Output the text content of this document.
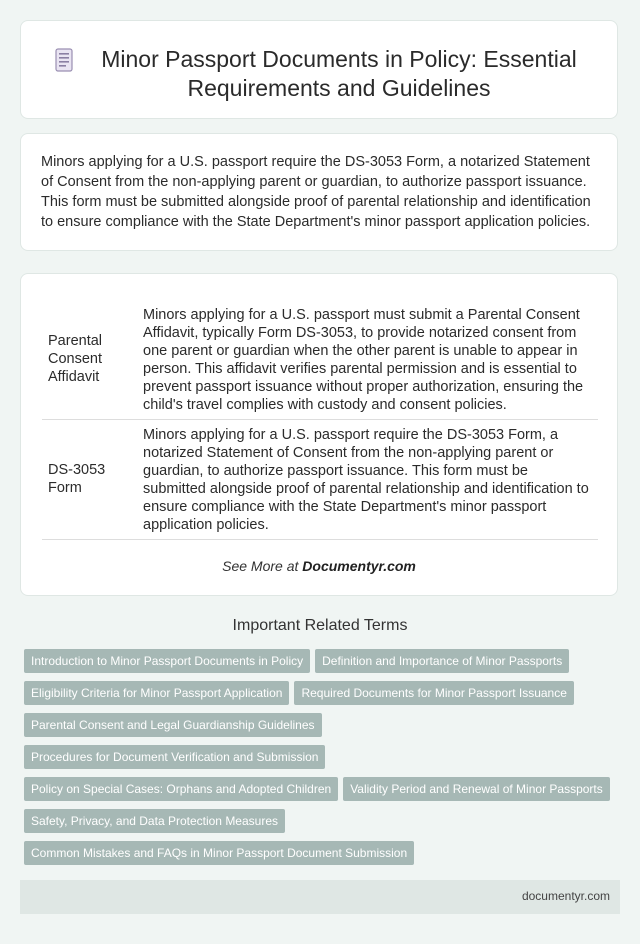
Minor Passport Documents in Policy: Essential Requirements and Guidelines
Minors applying for a U.S. passport require the DS-3053 Form, a notarized Statement of Consent from the non-applying parent or guardian, to authorize passport issuance. This form must be submitted alongside proof of parental relationship and identification to ensure compliance with the State Department's minor passport application policies.
Parental Consent Affidavit	Minors applying for a U.S. passport must submit a Parental Consent Affidavit, typically Form DS-3053, to provide notarized consent from one parent or guardian when the other parent is unable to appear in person. This affidavit verifies parental permission and is essential to prevent passport issuance without proper authorization, ensuring the child's travel complies with custody and consent policies.
DS-3053 Form	Minors applying for a U.S. passport require the DS-3053 Form, a notarized Statement of Consent from the non-applying parent or guardian, to authorize passport issuance. This form must be submitted alongside proof of parental relationship and identification to ensure compliance with the State Department's minor passport application policies.
See More at Documentyr.com
Important Related Terms
Introduction to Minor Passport Documents in Policy Definition and Importance of Minor Passports
Eligibility Criteria for Minor Passport Application Required Documents for Minor Passport Issuance
Parental Consent and Legal Guardianship Guidelines
Procedures for Document Verification and Submission
Policy on Special Cases: Orphans and Adopted Children Validity Period and Renewal of Minor Passports
Safety, Privacy, and Data Protection Measures
Common Mistakes and FAQs in Minor Passport Document Submission
documentyr.com
